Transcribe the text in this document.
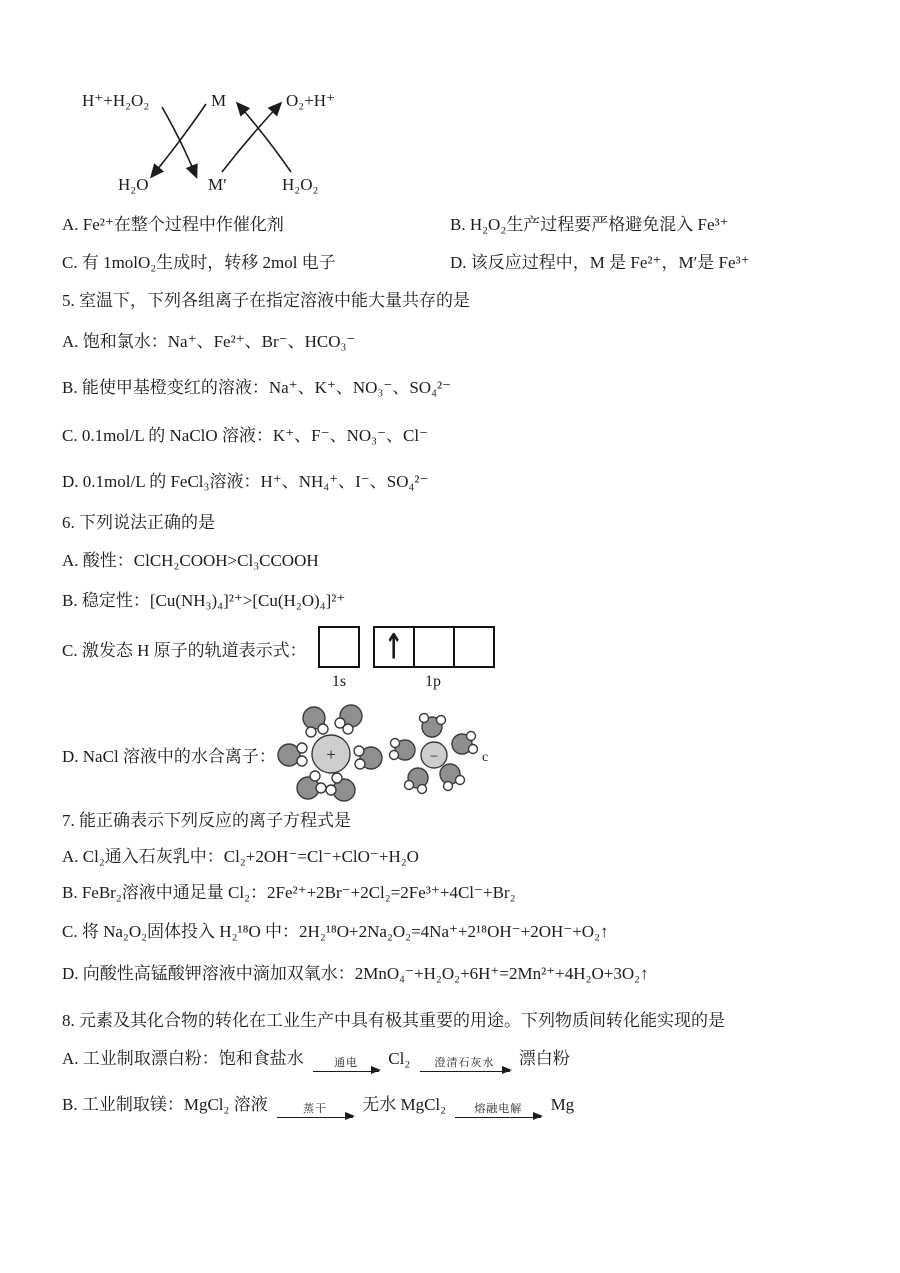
H⁺+H₂O₂	M	O₂+H⁺
H₂O	M′	H₂O₂
A. Fe²⁺在整个过程中作催化剂	B. H₂O₂生产过程要严格避免混入 Fe³⁺
C. 有 1molO₂生成时，转移 2mol 电子	D. 该反应过程中，M 是 Fe²⁺，M′是 Fe³⁺
5. 室温下，下列各组离子在指定溶液中能大量共存的是
A. 饱和氯水：Na⁺、Fe²⁺、Br⁻、HCO₃⁻
B. 能使甲基橙变红的溶液：Na⁺、K⁺、NO₃⁻、SO₄²⁻
C. 0.1mol/L 的 NaClO 溶液：K⁺、F⁻、NO₃⁻、Cl⁻
D. 0.1mol/L 的 FeCl₃溶液：H⁺、NH₄⁺、I⁻、SO₄²⁻
6. 下列说法正确的是
A. 酸性：ClCH₂COOH>Cl₃CCOOH
B. 稳定性：[Cu(NH₃)₄]²⁺>[Cu(H₂O)₄]²⁺
C. 激发态 H 原子的轨道表示式：	↑
1s	1p
D. NaCl 溶液中的水合离子：	+	−	c
7. 能正确表示下列反应的离子方程式是
A. Cl₂通入石灰乳中：Cl₂+2OH⁻=Cl⁻+ClO⁻+H₂O
B. FeBr₂溶液中通足量 Cl₂：2Fe²⁺+2Br⁻+2Cl₂=2Fe³⁺+4Cl⁻+Br₂
C. 将 Na₂O₂固体投入 H₂¹⁸O 中：2H₂¹⁸O+2Na₂O₂=4Na⁺+2¹⁸OH⁻+2OH⁻+O₂↑
D. 向酸性高锰酸钾溶液中滴加双氧水：2MnO₄⁻+H₂O₂+6H⁺=2Mn²⁺+4H₂O+3O₂↑
8. 元素及其化合物的转化在工业生产中具有极其重要的用途。下列物质间转化能实现的是
A. 工业制取漂白粉：饱和食盐水	通电 Cl₂ 澄清石灰水 漂白粉
B. 工业制取镁：MgCl₂ 溶液	蒸干 无水 MgCl₂	熔融电解 Mg
